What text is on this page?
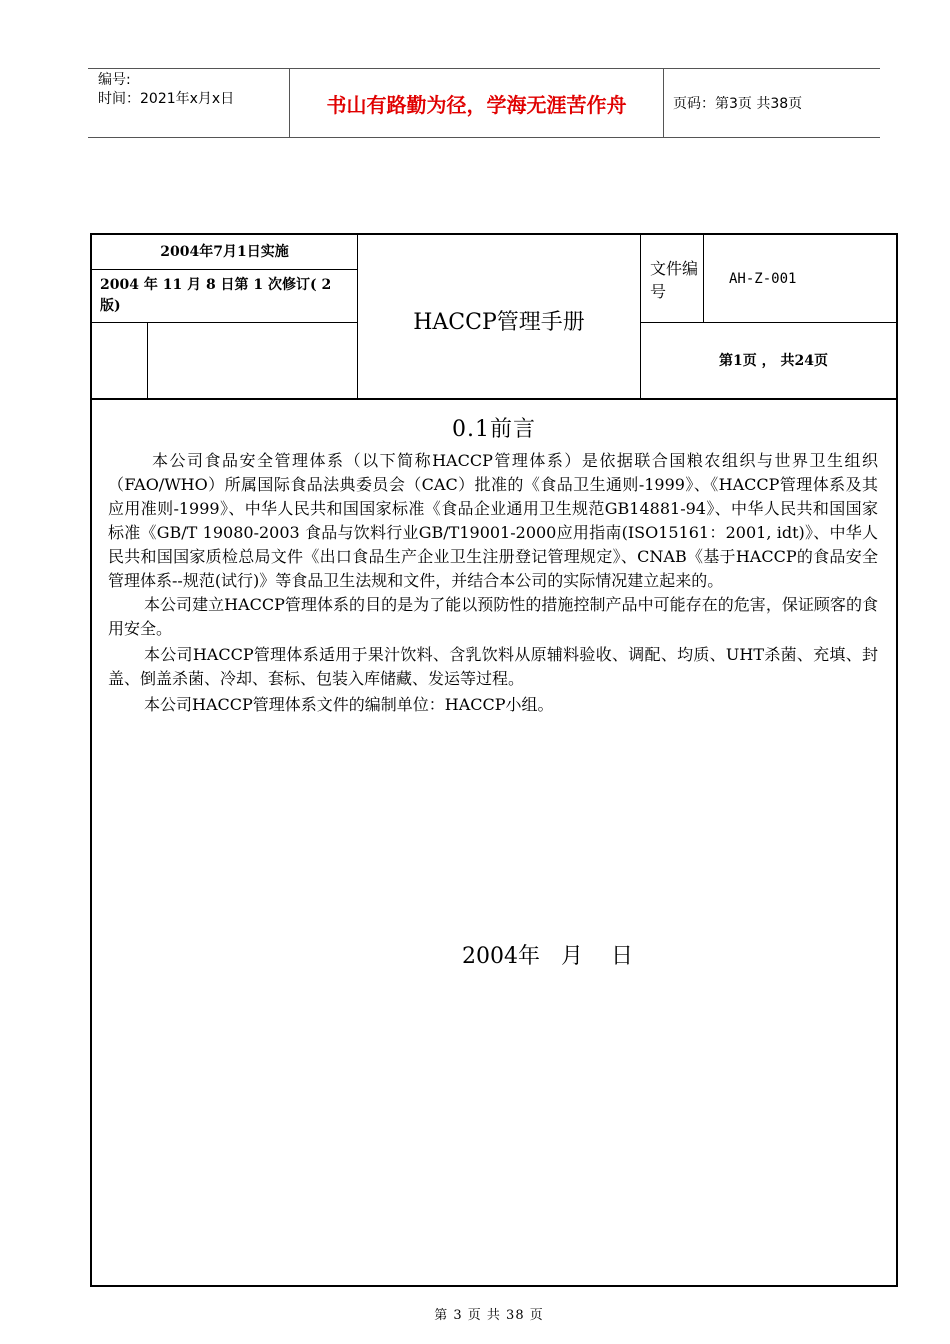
编号:
时间：2021年x月x日	书山有路勤为径，学海无涯苦作舟	页码：第3页 共38页
2004年7月1日实施
2004 年 11 月 8 日第 1 次修订( 2 版)
HACCP管理手册
文件编号
AH-Z-001
第1页 ， 共24页
0.1前言

本公司食品安全管理体系（以下简称HACCP管理体系）是依据联合国粮农组织与世界卫生组织（FAO/WHO）所属国际食品法典委员会（CAC）批准的《食品卫生通则-1999》、《HACCP管理体系及其应用准则-1999》、中华人民共和国国家标准《食品企业通用卫生规范GB14881-94》、中华人民共和国国家标准《GB/T 19080-2003 食品与饮料行业GB/T19001-2000应用指南(ISO15161：2001, idt)》、中华人民共和国国家质检总局文件《出口食品生产企业卫生注册登记管理规定》、CNAB《基于HACCP的食品安全管理体系--规范(试行)》等食品卫生法规和文件，并结合本公司的实际情况建立起来的。

本公司建立HACCP管理体系的目的是为了能以预防性的措施控制产品中可能存在的危害，保证顾客的食用安全。

本公司HACCP管理体系适用于果汁饮料、含乳饮料从原辅料验收、调配、均质、UHT杀菌、充填、封盖、倒盖杀菌、冷却、套标、包装入库储藏、发运等过程。

本公司HACCP管理体系文件的编制单位：HACCP小组。

2004年   月    日
第 3 页 共 38 页
